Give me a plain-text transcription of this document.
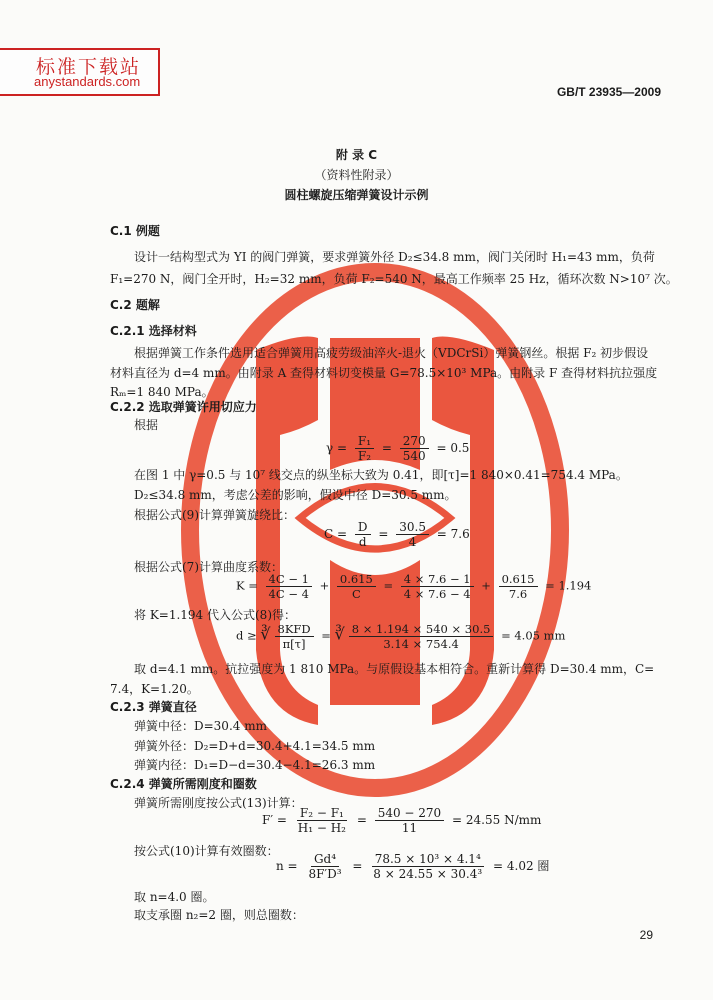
标准下载站
anystandards.com
GB/T 23935—2009
附 录 C
（资料性附录）
圆柱螺旋压缩弹簧设计示例
C.1 例题
设计一结构型式为 YⅠ 的阀门弹簧，要求弹簧外径 D₂≤34.8 mm，阀门关闭时 H₁=43 mm，负荷
F₁=270 N，阀门全开时，H₂=32 mm，负荷 F₂=540 N，最高工作频率 25 Hz，循环次数 N>10⁷ 次。
C.2 题解
C.2.1 选择材料
根据弹簧工作条件选用适合弹簧用高疲劳级油淬火-退火（VDCrSi）弹簧钢丝。根据 F₂ 初步假设
材料直径为 d=4 mm。由附录 A 查得材料切变模量 G=78.5×10³ MPa。由附录 F 查得材料抗拉强度
Rₘ=1 840 MPa。
C.2.2 选取弹簧许用切应力
根据
$\gamma = \frac{\text{F₁}}{\text{F₂}} = \frac{270}{540} = 0.5$
在图 1 中 γ=0.5 与 10⁷ 线交点的纵坐标大致为 0.41，即[τ]=1 840×0.41=754.4 MPa。
D₂≤34.8 mm，考虑公差的影响，假设中径 D=30.5 mm。
根据公式(9)计算弹簧旋绕比：
$C = \frac{D}{d} = \frac{30.5}{4} = 7.6$
根据公式(7)计算曲度系数：
$K = \frac{4C - 1}{4C - 4} + \frac{0.615}{C} = \frac{4 \times 7.6 - 1}{4 \times 7.6 - 4} + \frac{0.615}{7.6} = 1.194$
将 K=1.194 代入公式(8)得：
d ≥ ∛ $\frac{\text{8KFD}}{\pi[\tau]}$ = ∛ $\frac{8 \times 1.194 \times 540 \times 30.5}{3.14 \times 754.4} = 4.05$ mm
取 d=4.1 mm。抗拉强度为 1 810 MPa。与原假设基本相符合。重新计算得 D=30.4 mm，C=
7.4，K=1.20。
C.2.3 弹簧直径
弹簧中径：D=30.4 mm
弹簧外径：D₂=D+d=30.4+4.1=34.5 mm
弹簧内径：D₁=D−d=30.4−4.1=26.3 mm
C.2.4 弹簧所需刚度和圈数
弹簧所需刚度按公式(13)计算：
$F' = \frac{\text{F₂ − F₁}}{\text{H₁ − H₂}} = \frac{540 - 270}{11} = 24.55$ N/mm
按公式(10)计算有效圈数：
$n = \frac{\text{Gd⁴}}{\text{8F′D³}} = \frac{\text{78.5 × 10³ × 4.1⁴}}{\text{8 × 24.55 × 30.4³}} = 4.02$ 圈
取 n=4.0 圈。
取支承圈 n₂=2 圈，则总圈数：
29
